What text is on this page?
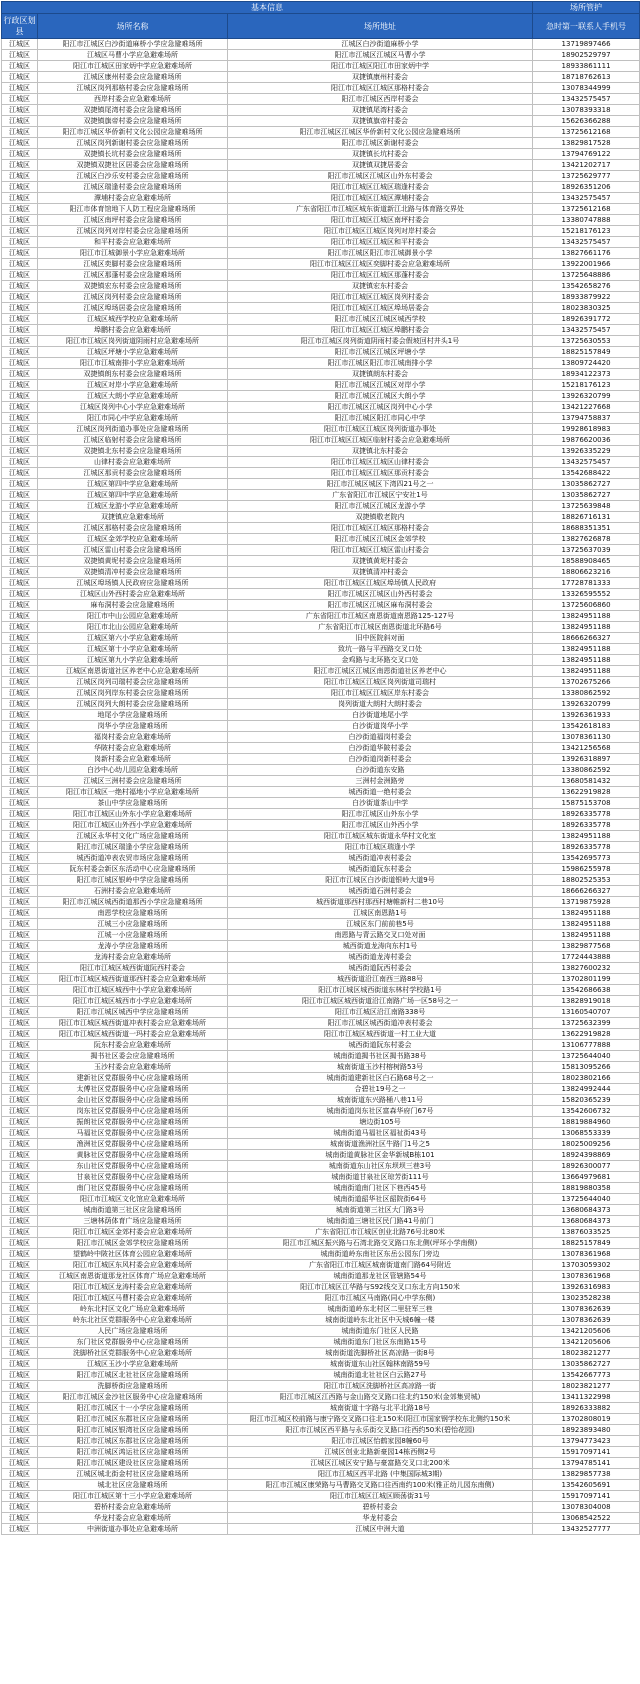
基本信息			场所管护
行政区划县	场所名称	场所地址	急时第一联系人手机号
江城区	阳江市江城区白沙街道麻桥小学应急避难场所	江城区白沙街道麻桥小学	13719897466
江城区	江城区马曹小学应急避难场所	阳江市江城区江城区马曹小学	18902529797
江城区	阳江市江城区田家炳中学应急避难场所	阳江市江城区阳江市田家炳中学	18933861111
江城区	江城区康州村委会应急避难场所	双捷镇康州村委会	18718762613
江城区	江城区岗列那格村委会应急避难场所	阳江市江城区江城区那格村委会	13078344999
江城区	西岸村委会应急避难场所	阳江市江城区西岸村委会	13432575457
江城区	双捷镇尾湾村委会应急避难场所	双捷镇尾湾村委会	13078393318
江城区	双捷镇旗帝村委会应急避难场所	双捷镇旗帝村委会	15626366288
江城区	阳江市江城区华侨新村文化公园应急避难场所	阳江市江城区江城区华侨新村文化公园应急避难场所	13725612168
江城区	江城区岗列新谢村委会应急避难场所	阳江市江城区新谢村委会	13829817528
江城区	双捷镇长坑村委会应急避难场所	双捷镇长坑村委会	13794769122
江城区	双捷镇双捷社区居委会应急避难场所	双捷镇双捷居委会	13421202717
江城区	江城区白沙乐安村委会应急避难场所	阳江市江城区江城区山外东村委会	13725629777
江城区	江城区瑞逢村委会应急避难场所	阳江市江城区江城区瑞逢村委会	18926351206
江城区	潭埔村委会应急避难场所	阳江市江城区江城区潭埔村委会	13432575457
江城区	阳江市体育馆地下人防工程应急避难场所	广东省阳江市江城区城东街道新江北路与体育路交界处	13725612168
江城区	江城区南坪村委会应急避难场所	阳江市江城区江城区南坪村委会	13380747888
江城区	江城区岗列对岸村委会应急避难场所	阳江市江城区江城区岗列对岸村委会	15218176123
江城区	和平村委会应急避难场所	阳江市江城区江城区和平村委会	13432575457
江城区	阳江市江城御景小学应急避难场所	阳江市江城区阳江市江城御景小学	13827661176
江城区	江城区奕脚村委会应急避难场所	阳江市江城区江城区奕脚村委会应急避难场所	13922001966
江城区	江城区那蓬村委会应急避难场所	阳江市江城区江城区那蓬村委会	13725648886
江城区	双捷镇宏东村委会应急避难场所	双捷镇宏东村委会	13542658276
江城区	江城区岗列村委会应急避难场所	阳江市江城区江城区岗列村委会	18933879922
江城区	江城区埠场居委会应急避难场所	阳江市江城区江城区埠场居委会	18023830325
江城区	江城区城西学校应急避难场所	阳江市江城区江城区城西学校	18926391772
江城区	埠鹏村委会应急避难场所	阳江市江城区江城区埠鹏村委会	13432575457
江城区	阳江市江城区岗列街道阴雨村应急避难场所	阳江市江城区岗列街道阴雨村委会假坡回村井头1号	13725630553
江城区	江城区坪塘小学应急避难场所	阳江市江城区江城区坪塘小学	18825157849
江城区	阳江市江城南排小学应急避难场所	阳江市江城区阳江市江城南排小学	13809724420
江城区	双捷镇朗东村委会应急避难场所	双捷镇朗东村委会	18934122373
江城区	江城区对岸小学应急避难场所	阳江市江城区江城区对岸小学	15218176123
江城区	江城区大朗小学应急避难场所	阳江市江城区江城区大朗小学	13926320799
江城区	江城区岗列中心小学应急避难场所	阳江市江城区江城区岗列中心小学	13421227668
江城区	阳江市同心中学应急避难场所	阳江市江城区阳江市同心中学	13794758837
江城区	江城区岗列街道办事处应急避难场所	阳江市江城区江城区岗列街道办事处	19928618983
江城区	江城区临射村委会应急避难场所	阳江市江城区江城区临射村委会应急避难场所	19876620036
江城区	双捷镇北东村委会应急避难场所	双捷镇北东村委会	13926335229
江城区	山律村委会应急避难场所	阳江市江城区江城区山律村委会	13432575457
江城区	江城区那贡村委会应急避难场所	阳江市江城区江城区那贡村委会	13542688422
江城区	江城区第四中学应急避难场所	阳江市江城区城区下湾四21号之一	13035862727
江城区	江城区第四中学应急避难场所	广东省阳江市江城区宁安社1号	13035862727
江城区	江城区龙游小学应急避难场所	阳江市江城区江城区龙游小学	13725639848
江城区	双捷镇应急避难场所	双捷镇敬老院内	18826716131
江城区	江城区那格村委会应急避难场所	阳江市江城区江城区那格村委会	18688351351
江城区	江城区金郊学校应急避难场所	阳江市江城区江城区金郊学校	13827626878
江城区	江城区雷山村委会应急避难场所	阳江市江城区江城区雷山村委会	13725637039
江城区	双捷镇黄坭村委会应急避难场所	双捷镇黄坭村委会	18588908465
江城区	双捷镇清冲村委会应急避难场所	双捷镇清冲村委会	18806623216
江城区	江城区埠场镇人民政府应急避难场所	阳江市江城区江城区埠场镇人民政府	17728781333
江城区	江城区山外西村委会应急避难场所	阳江市江城区江城区山外西村委会	13326595552
江城区	麻布洞村委会应急避难场所	阳江市江城区江城区麻布洞村委会	13725606860
江城区	阳江市中山公园应急避难场所	广东省阳江市江城区南恩街道南恩路125-127号	13824951188
江城区	阳江市北山公园应急避难场所	广东省阳江市江城区南恩街道北环路6号	13824951188
江城区	江城区第六小学应急避难场所	旧中医院斜对面	18666266327
江城区	江城区第十小学应急避难场所	致坑一路与平西路交叉口处	13824951188
江城区	江城区第九小学应急避难场所	金鸡路与北环路交叉口处	13824951188
江城区	江城区南恩街道社区养老中心应急避难场所	阳江市江城区江城区南恩街道社区养老中心	13824951188
江城区	江城区岗列司瑞村委会应急避难场所	阳江市江城区江城区岗列街道司瑞村	13702675266
江城区	江城区岗列岸东村委会应急避难场所	阳江市江城区江城区岸东村委会	13380862592
江城区	江城区岗列大朗村委会应急避难场所	岗列街道大朗村大朗村委会	13926320799
江城区	地尾小学应急避难场所	白沙街道地尾小学	13926361933
江城区	岗华小学应急避难场所	白沙街道岗华小学	13542618183
江城区	福岗村委会应急避难场所	白沙街道福岗村委会	13078361130
江城区	华陂村委会应急避难场所	白沙街道华陂村委会	13421256568
江城区	岗新村委会应急避难场所	白沙街道岗新村委会	13926318897
江城区	白沙中心幼儿园应急避难场所	白沙街道东安路	13380862592
江城区	江城区三洲村委会应急避难场所	三洲村金洲路旁	13680581432
江城区	阳江市江城区一绝村福地小学应急避难场所	城西街道一绝村委会	13622919828
江城区	茶山中学应急避难场所	白沙街道茶山中学	15875153708
江城区	阳江市江城区山外东小学应急避难场所	阳江市江城区山外东小学	18926335778
江城区	阳江市江城区山外西小学应急避难场所	阳江市江城区山外西小学	18926335778
江城区	江城区永华村文化广场应急避难场所	阳江市江城区城东街道永华村文化室	13824951188
江城区	阳江市江城区瑞逢小学应急避难场所	阳江市江城区瑞逢小学	18926335778
江城区	城西街道冲表农贸市场应急避难场所	城西街道冲表村委会	13542695773
江城区	阮东村委会新区东活动中心应急避难场所	城西街道阮东村委会	15986255978
江城区	阳江市江城区银岭中学应急避难场所	阳江市江城区白沙街道银岭大道9号	18802525353
江城区	石洲村委会应急避难场所	城西街道石洲村委会	18666266327
江城区	阳江市江城区城西街道那西小学应急避难场所	城西街道那西村那西村塘帷新村二巷10号	13719875928
江城区	南恩学校应急避难场所	江城区南恩路1号	13824951188
江城区	江城三小应急避难场所	江城区东门前前巷5号	13824951188
江城区	江城一小应急避难场所	南恩路与青云路交叉口处对面	13824951188
江城区	龙涛小学应急避难场所	城西街道龙涛向东村1号	13829877568
江城区	龙涛村委会应急避难场所	城西街道龙涛村委会	17724443888
江城区	阳江市江城区城西街道阮西村委会	城西街道阮西村委会	13827600232
江城区	阳江市江城区城西街道那西村委会应急避难场所	城西街道沿江南西三路88号	13702801199
江城区	阳江市江城区城西中小学应急避难场所	阳江市江城区城西街道东林村学校路1号	13542686638
江城区	阳江市江城区城西市小学应急避难场所	阳江市江城区城西街道沿江南路广场一区58号之一	13828919018
江城区	阳江市江城区城西中学应急避难场所	阳江市江城区沿江南路338号	13160540707
江城区	阳江市江城区城西街道冲表村委会应急避难场所	阳江市江城区城西街道冲表村委会	13725632399
江城区	阳江市江城区城西街道一玛村委会应急避难场所	阳江市江城区城西街道一村工业大道	13622919828
江城区	阮东村委会应急避难场所	城西街道阮东村委会	13106777888
江城区	揭书社区委会应急避难场所	城南街道揭书社区揭书路38号	13725644040
江城区	玉沙村委会应急避难场所	城南街道玉沙村榕树路53号	15813095266
江城区	建新社区党群服务中心应急避难场所	城南街道建新社区白石路68号之一	18023802166
江城区	太傅社区党群服务中心应急避难场所	合碧社19号之一	13824992444
江城区	金山社区党群服务中心应急避难场所	城南街道东兴路桶八巷11号	15820365239
江城区	岗东社区党群服务中心应急避难场所	城南街道岗东社区富森华府门67号	13542606732
江城区	振朗社区党群服务中心应急避难场所	塘边街105号	18819884960
江城区	马福社区党群服务中心应急避难场所	城南街道马福社区福祉街43号	13068553339
江城区	渔洲社区党群服务中心应急避难场所	城南街道渔洲社区牛路门1号之5	18025009256
江城区	黄脉社区党群服务中心应急避难场所	城南街道黄脉社区金华新城B栋101	18924398869
江城区	东山社区党群服务中心应急避难场所	城南街道东山社区东坝坝三巷3号	18926300077
江城区	甘泉社区党群服务中心应急避难场所	城南街道甘泉社区琼芳街111号	13664979681
江城区	南门社区党群服务中心应急避难场所	城南街道南门社区下巷西45号	18819880358
江城区	阳江市江城区文化馆应急避难场所	城南街道韶华社区韶院街64号	13725644040
江城区	城南街道第三社区应急避难场所	城南街道第三社区大门路3号	13680684373
江城区	三塘林荫体育广场应急避难场所	城南街道三塘社区民门路41号前门	13680684373
江城区	阳江市江城区金郊村委会应急避难场所	广东省阳江市江城区创业北路76号北80米	13876033525
江城区	阳江市江城区金郊学校应急避难场所	阳江市江城区振兴路与石湾北路交叉路口东北侧(坪环小学南侧)	18825157849
江城区	望鹤岭中陂社区体育公园应急避难场所	城南街道岭东南社区东岳公园东门旁边	13078361968
江城区	阳江市江城区东风村委会应急避难场所	广东省阳江市江城区城南街道南门路64号附近	13703059302
江城区	江城区南恩街道那龙社区体育广场应急避难场所	城南街道那龙社区管辖路54号	13078361968
江城区	阳江市江城区龙涛村委会应急避难场所	阳江市江城区江华路与S92线交叉口东北方向150米	13926316983
江城区	阳江市江城区马曹村委会应急避难场所	阳江市江城区马南路(同心中学东侧)	13023528238
江城区	岭东北村区文化广场应急避难场所	城南街道岭东北村区二里驻军三巷	13078362639
江城区	岭东北社区党群服务中心应急避难场所	城南街道岭东北社区中天城6幢一楼	13078362639
江城区	人民广场应急避难场所	城南街道东门社区人民路	13421205606
江城区	东门社区党群服务中心应急避难场所	城南街道东门社区东南路15号	13421205606
江城区	洗脚桥社区党群服务中心应急避难场所	城南街道洗脚桥社区高凉路一街8号	18023821277
江城区	江城区玉沙小学应急避难场所	城南街道东山社区翰林南路59号	13035862727
江城区	阳江市江城区北社社区应急避难场所	城南街道北社社区白云路27号	13542667773
江城区	洗脚桥街应急避难场所	阳江市江城区洗脚桥社区高凉路一街	18023821277
江城区	阳江市江城区金沙社区服务中心应急避难场所	阳江市江城区江西路与金山路交叉路口往北约150米(金郊集贸城)	13411322998
江城区	阳江市江城区十一小学应急避难场所	城南街道十字路与北平北路18号	18926333882
江城区	阳江市江城区东郡社区应急避难场所	阳江市江城区校前路与康宁路交叉路口往北150米(阳江市国家钢学校东北侧约150米	13702808019
江城区	阳江市江城区银湾社区应急避难场所	阳江市江城区西平路与永乐街交叉路口往西约50米(碧怡花园)	18923893480
江城区	阳江市江城区东郡社区应急避难场所	阳江市江城区怡鹤家园8幢60号	13794773423
江城区	阳江市江城区鸿运社区应急避难场所	江城区创业北路新豪园14栋西侧2号	15917097141
江城区	阳江市江城区建设社区应急避难场所	江城区江城区安宁路与豪富路交叉口北200米	13794785141
江城区	江城区城北街金村社区应急避难场所	阳江市江城区西平北路 (中集国际城3期)	13829857738
江城区	城北社区应急避难场所	阳江市江城区康荣路与马曹路交叉路口往西南约100米(雅正幼儿园东南侧)	13542605691
江城区	阳江市江城区第十三小学应急避难场所	阳江市江城区江城区顾荡街31号	15917097141
江城区	碧桥村委会应急避难场所	碧桥村委会	13078304008
江城区	华龙村委会应急避难场所	华龙村委会	13068542522
江城区	中洲街道办事处应急避难场所	江城区中洲大道	13432527777
